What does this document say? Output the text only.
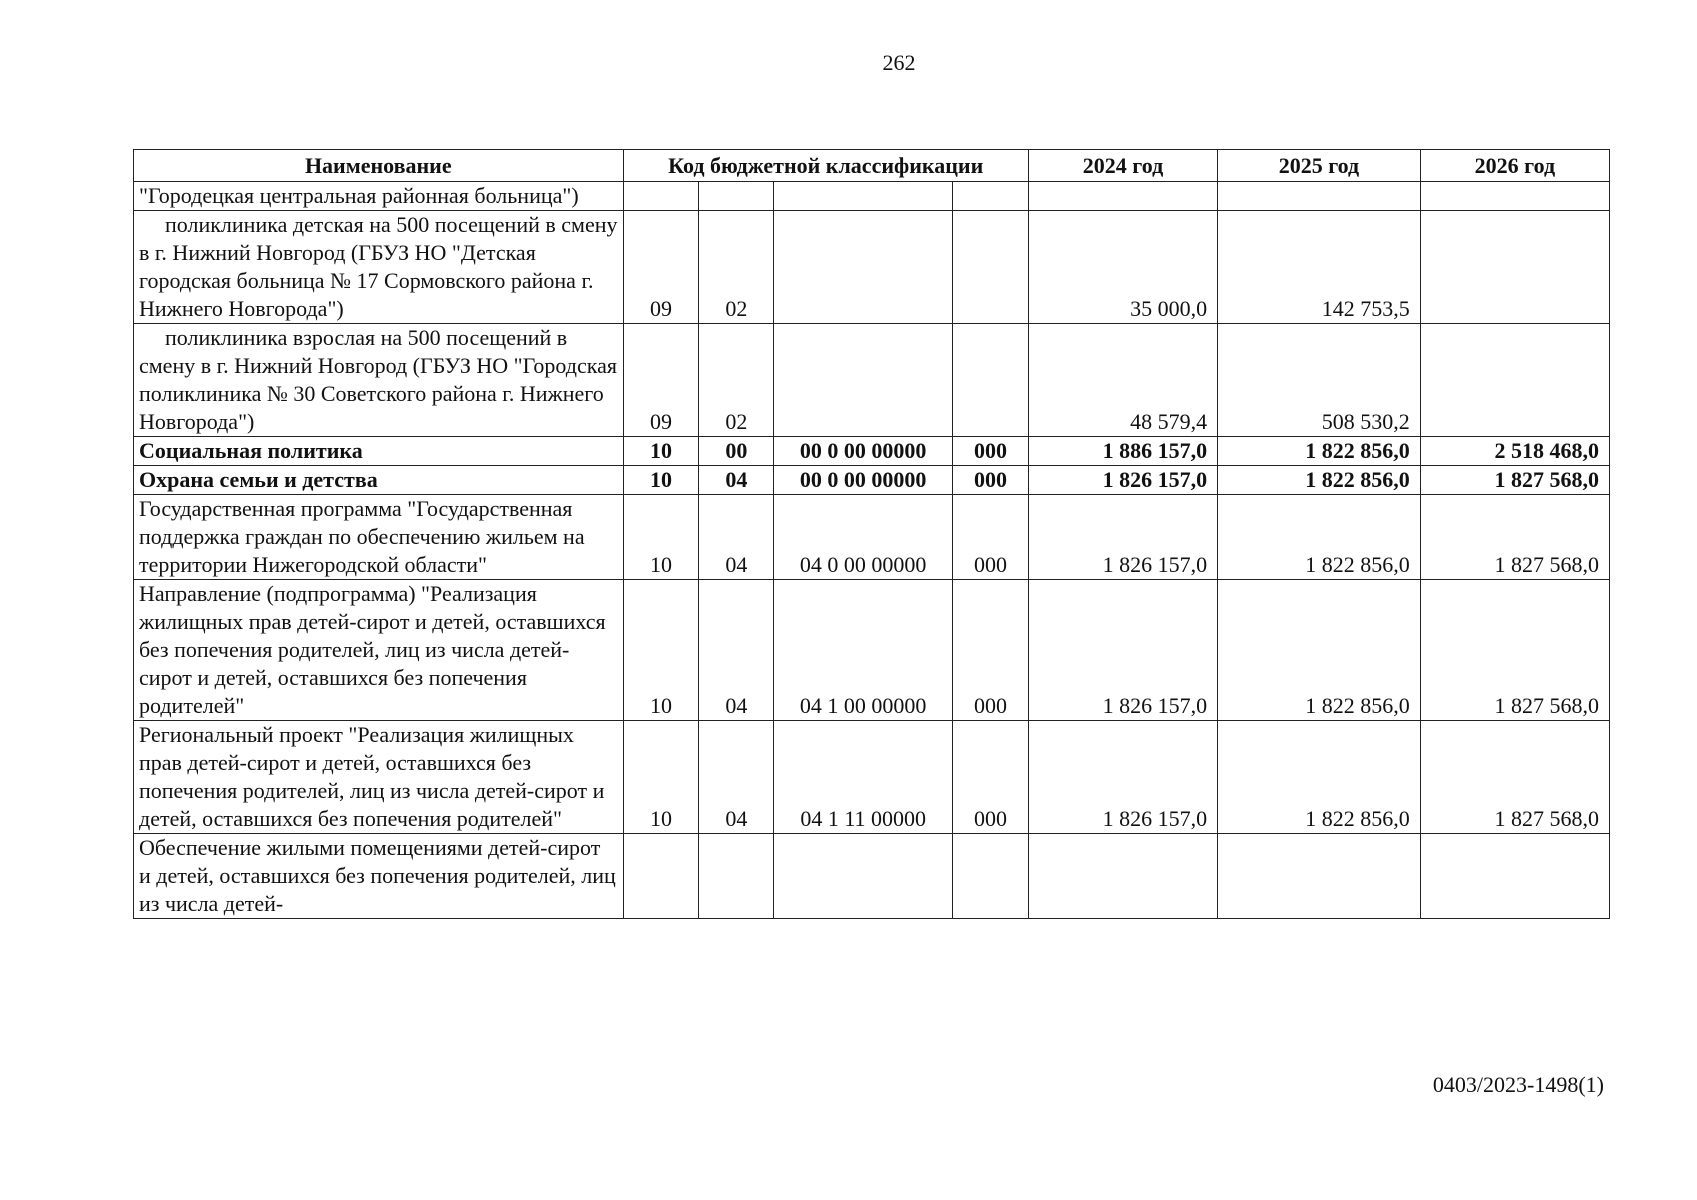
262
Наименование	Код бюджетной классификации				2024 год	2025 год	2026 год
"Городецкая центральная районная больница")							
поликлиника детская на 500 посещений в смену в г. Нижний Новгород (ГБУЗ НО "Детская городская больница № 17 Сормовского района г. Нижнего Новгорода")	09	02			35 000,0	142 753,5	
поликлиника взрослая на 500 посещений в смену в г. Нижний Новгород (ГБУЗ НО "Городская поликлиника № 30 Советского района г. Нижнего Новгорода")	09	02			48 579,4	508 530,2	
Социальная политика	10	00	00 0 00 00000	000	1 886 157,0	1 822 856,0	2 518 468,0
Охрана семьи и детства	10	04	00 0 00 00000	000	1 826 157,0	1 822 856,0	1 827 568,0
Государственная программа "Государственная поддержка граждан по обеспечению жильем на территории Нижегородской области"	10	04	04 0 00 00000	000	1 826 157,0	1 822 856,0	1 827 568,0
Направление (подпрограмма) "Реализация жилищных прав детей-сирот и детей, оставшихся без попечения родителей, лиц из числа детей-сирот и детей, оставшихся без попечения родителей"	10	04	04 1 00 00000	000	1 826 157,0	1 822 856,0	1 827 568,0
Региональный проект "Реализация жилищных прав детей-сирот и детей, оставшихся без попечения родителей, лиц из числа детей-сирот и детей, оставшихся без попечения родителей"	10	04	04 1 11 00000	000	1 826 157,0	1 822 856,0	1 827 568,0
Обеспечение жилыми помещениями детей-сирот и детей, оставшихся без попечения родителей, лиц из числа детей-							
0403/2023-1498(1)
